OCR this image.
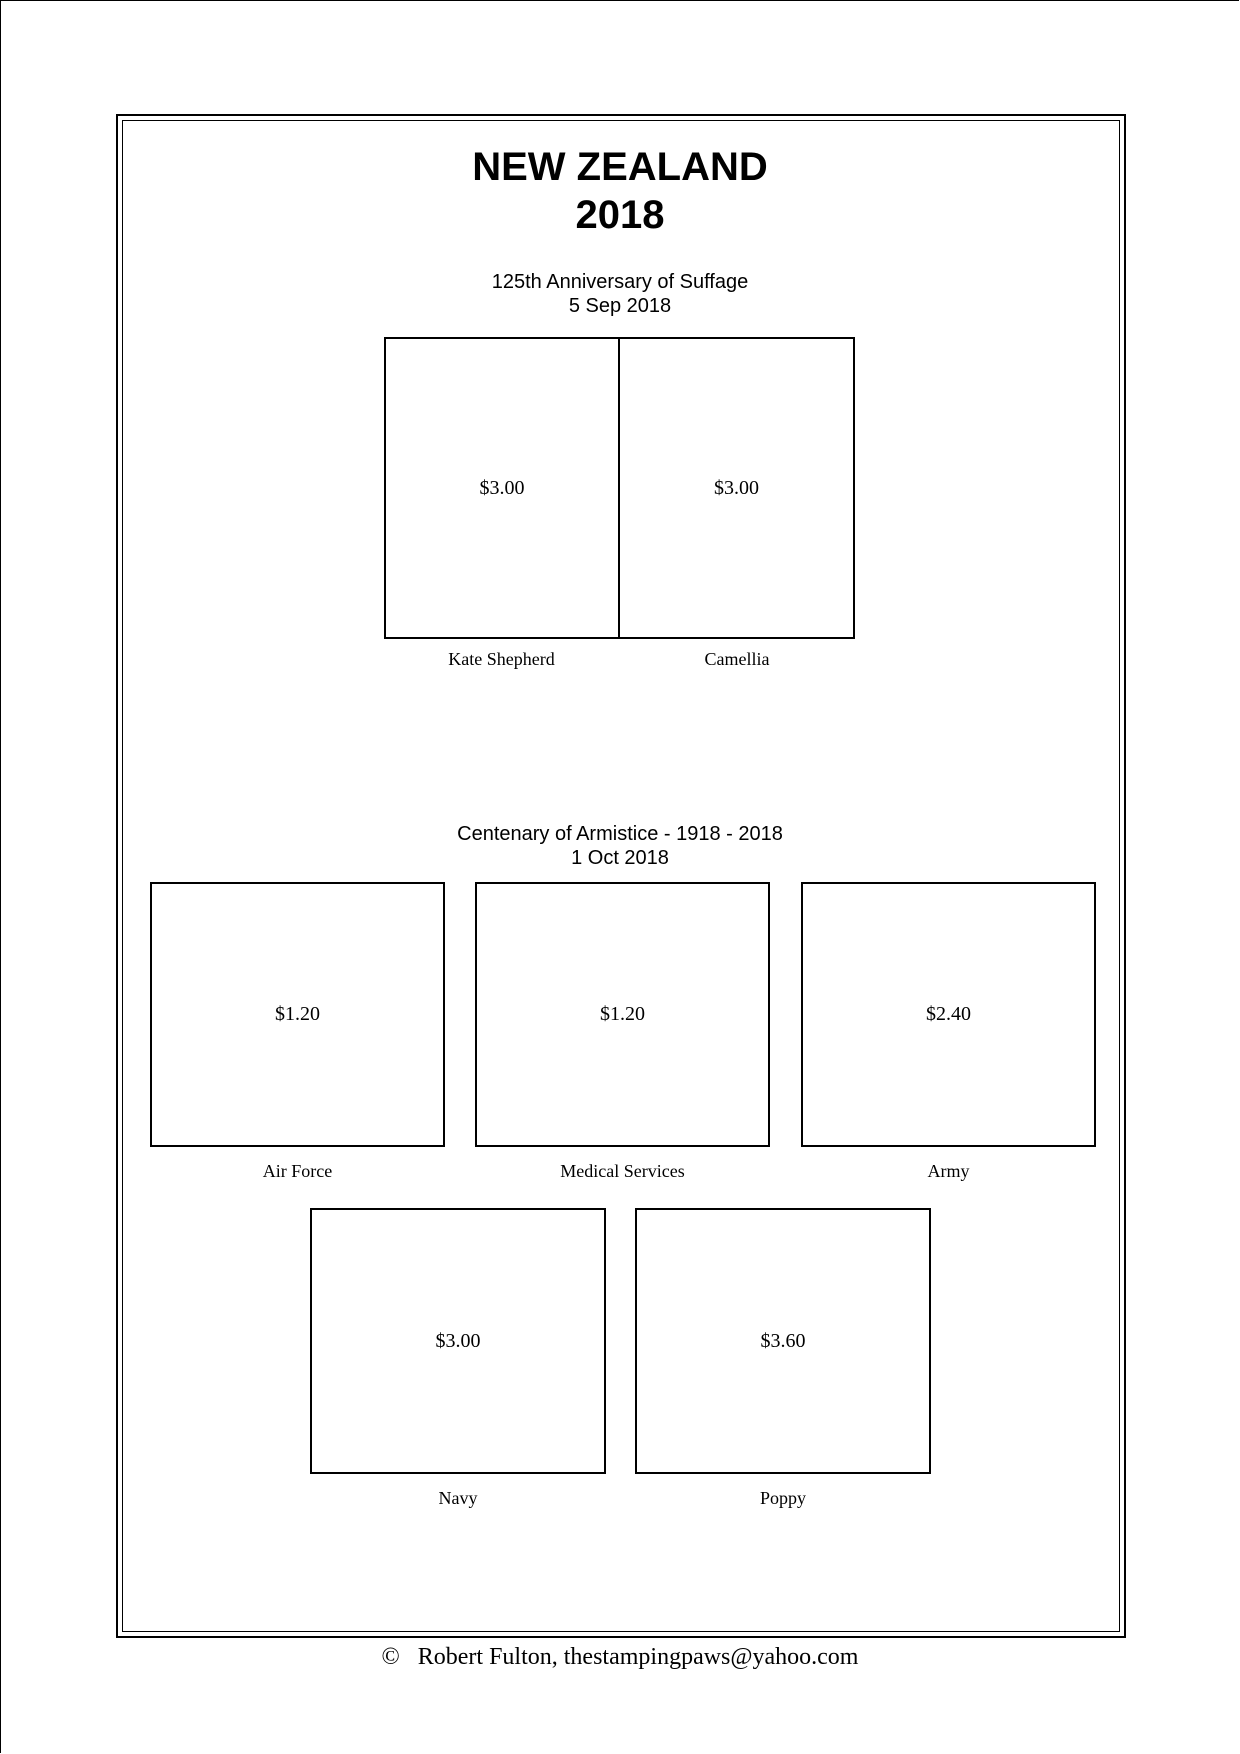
NEW ZEALAND
2018
125th Anniversary of Suffage
5 Sep 2018
$3.00	$3.00
Kate Shepherd	Camellia
Centenary of Armistice - 1918 - 2018
1 Oct 2018
$1.20	$1.20	$2.40
Air Force	Medical Services	Army
$3.00	$3.60
Navy	Poppy
© Robert Fulton, thestampingpaws@yahoo.com
